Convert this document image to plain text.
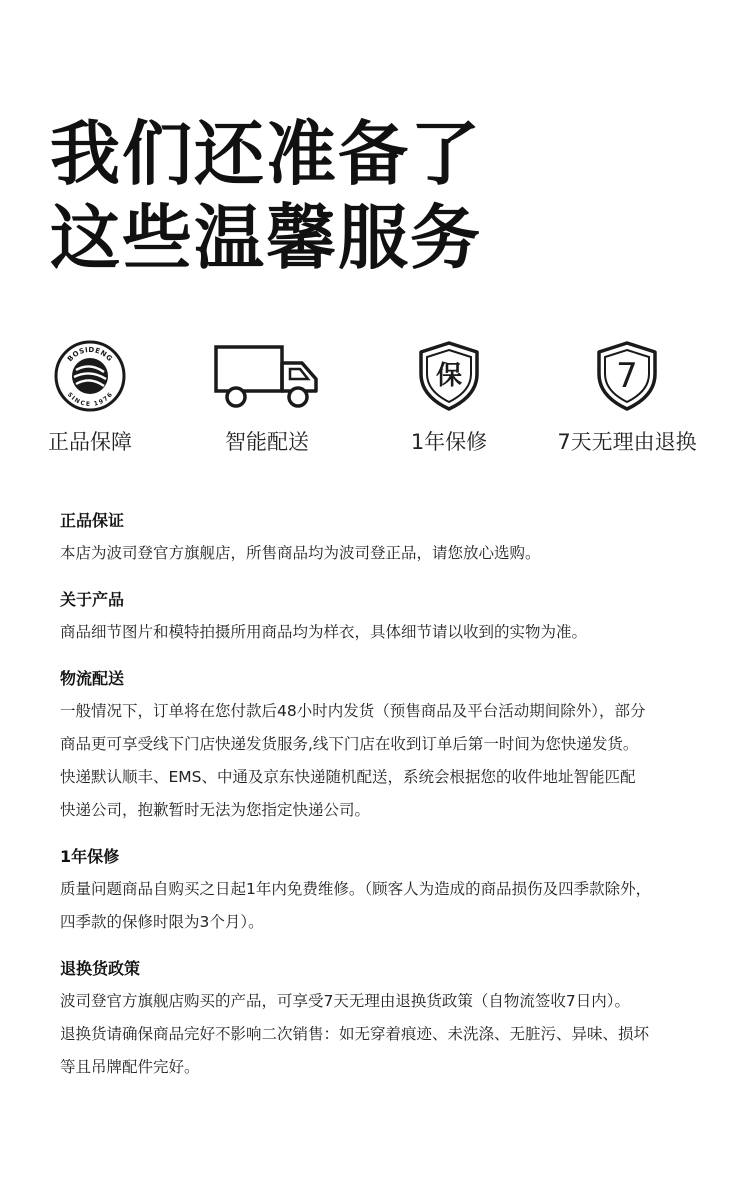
我们还准备了
这些温馨服务
BOSIDENG
SINCE 1976
正品保障	智能配送
保
1年保修
7
7天无理由退换
正品保证

本店为波司登官方旗舰店，所售商品均为波司登正品，请您放心选购。

关于产品

商品细节图片和模特拍摄所用商品均为样衣，具体细节请以收到的实物为准。

物流配送

一般情况下，订单将在您付款后48小时内发货（预售商品及平台活动期间除外），部分

商品更可享受线下门店快递发货服务,线下门店在收到订单后第一时间为您快递发货。

快递默认顺丰、EMS、中通及京东快递随机配送，系统会根据您的收件地址智能匹配

快递公司，抱歉暂时无法为您指定快递公司。

1年保修

质量问题商品自购买之日起1年内免费维修。（顾客人为造成的商品损伤及四季款除外，

四季款的保修时限为3个月）。

退换货政策

波司登官方旗舰店购买的产品，可享受7天无理由退换货政策（自物流签收7日内）。

退换货请确保商品完好不影响二次销售：如无穿着痕迹、未洗涤、无脏污、异味、损坏

等且吊牌配件完好。
